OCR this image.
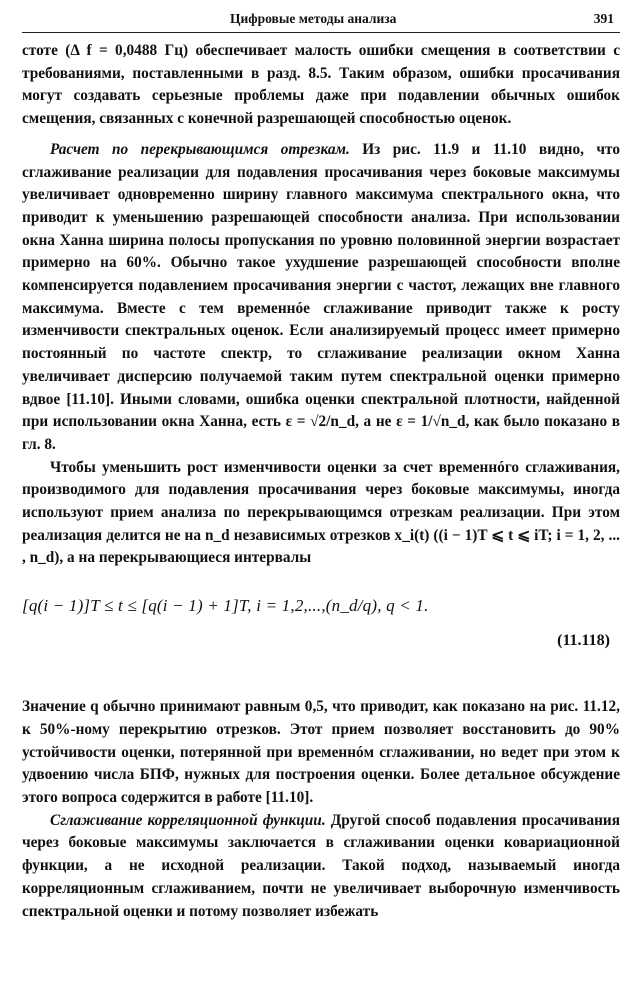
Цифровые методы анализа	391

стоте (Δ f = 0,0488 Гц) обеспечивает малость ошибки смещения в соответствии с требованиями, поставленными в разд. 8.5. Таким образом, ошибки просачивания могут создавать серьезные проблемы даже при подавлении обычных ошибок смещения, связанных с конечной разрешающей способностью оценок.

Расчет по перекрывающимся отрезкам. Из рис. 11.9 и 11.10 видно, что сглаживание реализации для подавления просачивания через боковые максимумы увеличивает одновременно ширину главного максимума спектрального окна, что приводит к уменьшению разрешающей способности анализа. При использовании окна Ханна ширина полосы пропускания по уровню половинной энергии возрастает примерно на 60%. Обычно такое ухудшение разрешающей способности вполне компенсируется подавлением просачивания энергии с частот, лежащих вне главного максимума. Вместе с тем временнóе сглаживание приводит также к росту изменчивости спектральных оценок. Если анализируемый процесс имеет примерно постоянный по частоте спектр, то сглаживание реализации окном Ханна увеличивает дисперсию получаемой таким путем спектральной оценки примерно вдвое [11.10]. Иными словами, ошибка оценки спектральной плотности, найденной при использовании окна Ханна, есть ε = √2/n_d, а не ε = 1/√n_d, как было показано в гл. 8.

Чтобы уменьшить рост изменчивости оценки за счет временнóго сглаживания, производимого для подавления просачивания через боковые максимумы, иногда используют прием анализа по перекрывающимся отрезкам реализации. При этом реализация делится не на n_d независимых отрезков x_i(t) ((i − 1)T ⩽ t ⩽ iT; i = 1, 2, ... , n_d), а на перекрывающиеся интервалы

[q(i − 1)]T ≤ t ≤ [q(i − 1) + 1]T, i = 1,2,...,(n_d/q), q < 1.
(11.118)

Значение q обычно принимают равным 0,5, что приводит, как показано на рис. 11.12, к 50%-ному перекрытию отрезков. Этот прием позволяет восстановить до 90% устойчивости оценки, потерянной при временнóм сглаживании, но ведет при этом к удвоению числа БПФ, нужных для построения оценки. Более детальное обсуждение этого вопроса содержится в работе [11.10].

Сглаживание корреляционной функции. Другой способ подавления просачивания через боковые максимумы заключается в сглаживании оценки ковариационной функции, а не исходной реализации. Такой подход, называемый иногда корреляционным сглаживанием, почти не увеличивает выборочную изменчивость спектральной оценки и потому позволяет избежать
